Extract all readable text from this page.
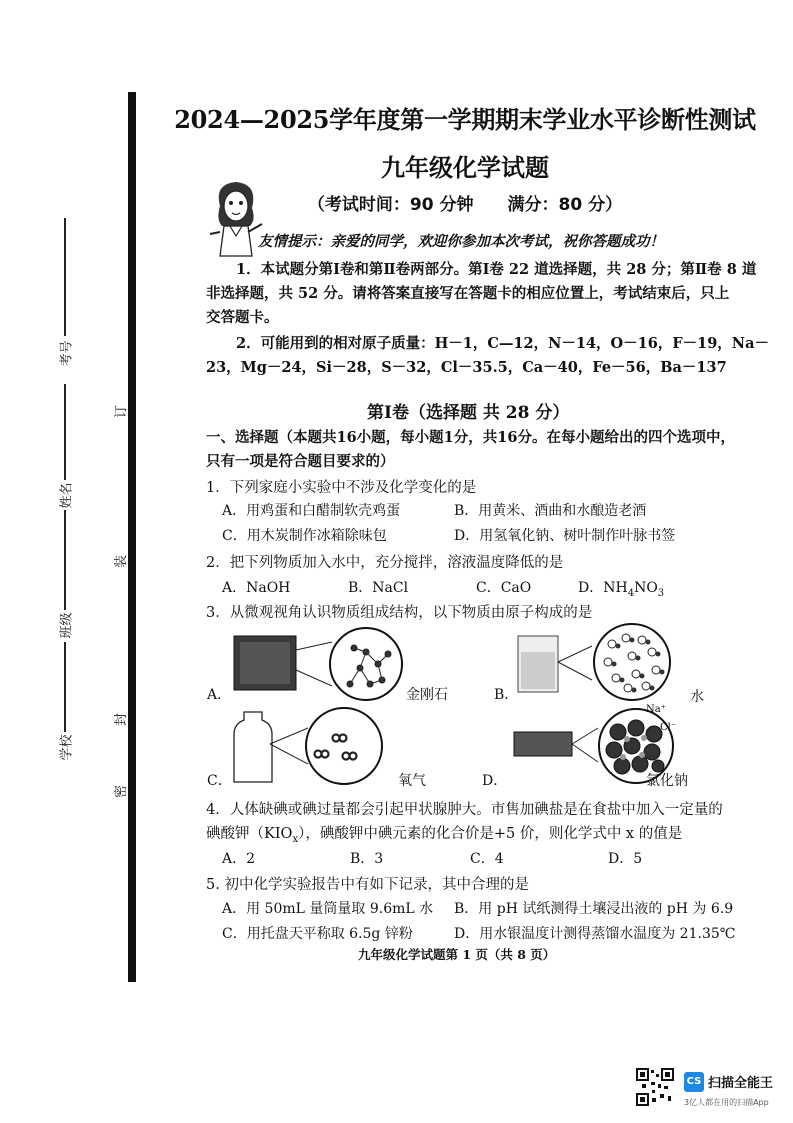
考号
姓名
班级
学校
订
装
封
密
2024—2025学年度第一学期期末学业水平诊断性测试
九年级化学试题
（考试时间：90 分钟　　满分：80 分）
友情提示：亲爱的同学，欢迎你参加本次考试，祝你答题成功！

1．本试题分第Ⅰ卷和第Ⅱ卷两部分。第Ⅰ卷 22 道选择题，共 28 分；第Ⅱ卷 8 道

非选择题，共 52 分。请将答案直接写在答题卡的相应位置上，考试结束后，只上

交答题卡。

2．可能用到的相对原子质量：H－1，C—12，N－14，O－16，F－19，Na－

23，Mg－24，Si－28，S－32，Cl－35.5，Ca－40，Fe－56，Ba－137

第Ⅰ卷（选择题 共 28 分）

一、选择题（本题共16小题，每小题1分，共16分。在每小题给出的四个选项中，

只有一项是符合题目要求的）

1．下列家庭小实验中不涉及化学变化的是

A．用鸡蛋和白醋制软壳鸡蛋	B．用黄米、酒曲和水酿造老酒
C．用木炭制作冰箱除味包	D．用氢氧化钠、树叶制作叶脉书签

2．把下列物质加入水中，充分搅拌，溶液温度降低的是

A．NaOH	B．NaCl	C．CaO	D．$NH_4NO_3$

3．从微观视角认识物质组成结构，以下物质由原子构成的是

A．	金刚石	B．	水
C．	氧气	D．
Na⁺
Cl⁻
氯化钠

4．人体缺碘或碘过量都会引起甲状腺肿大。市售加碘盐是在食盐中加入一定量的

碘酸钾$(KIO_x)$，碘酸钾中碘元素的化合价是+5 价，则化学式中 x 的值是

A．2	B．3	C．4	D．5

5. 初中化学实验报告中有如下记录，其中合理的是

A．用 50mL 量筒量取 9.6mL 水 B．用 pH 试纸测得土壤浸出液的 pH 为 6.9
C．用托盘天平称取 6.5g 锌粉	D．用水银温度计测得蒸馏水温度为 21.35℃
九年级化学试题第 1 页（共 8 页）
CS 扫描全能王
3亿人都在用的扫描App
